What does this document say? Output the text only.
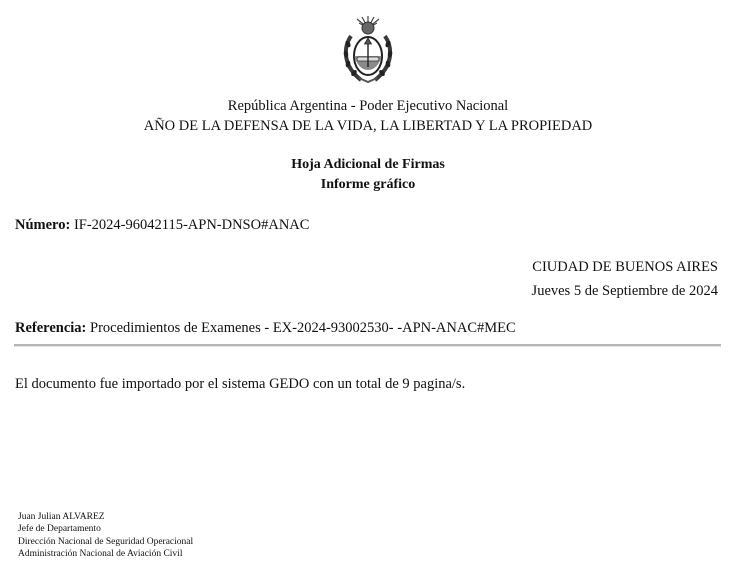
República Argentina - Poder Ejecutivo Nacional
AÑO DE LA DEFENSA DE LA VIDA, LA LIBERTAD Y LA PROPIEDAD
Hoja Adicional de Firmas
Informe gráfico
Número: IF-2024-96042115-APN-DNSO#ANAC
CIUDAD DE BUENOS AIRES
Jueves 5 de Septiembre de 2024
Referencia: Procedimientos de Examenes - EX-2024-93002530- -APN-ANAC#MEC
El documento fue importado por el sistema GEDO con un total de 9 pagina/s.
Juan Julian ALVAREZ
Jefe de Departamento
Dirección Nacional de Seguridad Operacional
Administración Nacional de Aviación Civil
